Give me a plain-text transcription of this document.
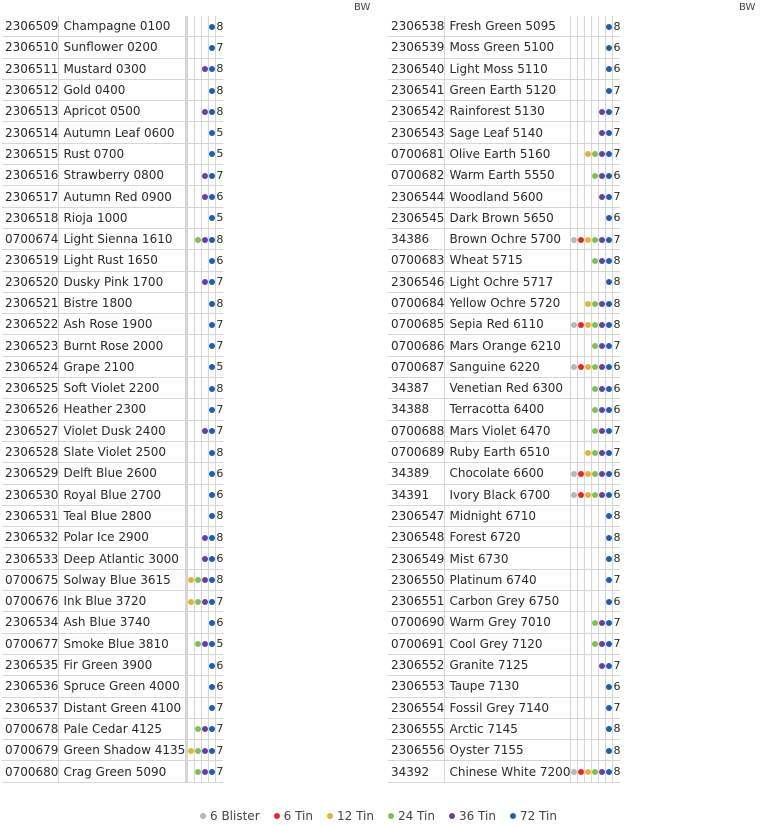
BW
	2306509	Champagne 0100							8
	2306510	Sunflower 0200							7
	2306511	Mustard 0300							8
	2306512	Gold 0400							8
	2306513	Apricot 0500							8
	2306514	Autumn Leaf 0600							5
	2306515	Rust 0700							5
	2306516	Strawberry 0800							7
	2306517	Autumn Red 0900							6
	2306518	Rioja 1000							5
	0700674	Light Sienna 1610							8
	2306519	Light Rust 1650							6
	2306520	Dusky Pink 1700							7
	2306521	Bistre 1800							8
	2306522	Ash Rose 1900							7
	2306523	Burnt Rose 2000							7
	2306524	Grape 2100							5
	2306525	Soft Violet 2200							8
	2306526	Heather 2300							7
	2306527	Violet Dusk 2400							7
	2306528	Slate Violet 2500							8
	2306529	Delft Blue 2600							6
	2306530	Royal Blue 2700							6
	2306531	Teal Blue 2800							8
	2306532	Polar Ice 2900							8
	2306533	Deep Atlantic 3000							6
	0700675	Solway Blue 3615							8
	0700676	Ink Blue 3720							7
	2306534	Ash Blue 3740							6
	0700677	Smoke Blue 3810							5
	2306535	Fir Green 3900							6
	2306536	Spruce Green 4000							6
	2306537	Distant Green 4100							7
	0700678	Pale Cedar 4125							7
	0700679	Green Shadow 4135							7
	0700680	Crag Green 5090							7
BW
	2306538	Fresh Green 5095							8
	2306539	Moss Green 5100							6
	2306540	Light Moss 5110							6
	2306541	Green Earth 5120							7
	2306542	Rainforest 5130							7
	2306543	Sage Leaf 5140							7
	0700681	Olive Earth 5160							7
	0700682	Warm Earth 5550							6
	2306544	Woodland 5600							7
	2306545	Dark Brown 5650							6
	34386	Brown Ochre 5700							7
	0700683	Wheat 5715							8
	2306546	Light Ochre 5717							8
	0700684	Yellow Ochre 5720							8
	0700685	Sepia Red 6110							8
	0700686	Mars Orange 6210							7
	0700687	Sanguine 6220							6
	34387	Venetian Red 6300							6
	34388	Terracotta 6400							6
	0700688	Mars Violet 6470							7
	0700689	Ruby Earth 6510							7
	34389	Chocolate 6600							6
	34391	Ivory Black 6700							6
	2306547	Midnight 6710							8
	2306548	Forest 6720							8
	2306549	Mist 6730							8
	2306550	Platinum 6740							7
	2306551	Carbon Grey 6750							6
	0700690	Warm Grey 7010							7
	0700691	Cool Grey 7120							7
	2306552	Granite 7125							7
	2306553	Taupe 7130							6
	2306554	Fossil Grey 7140							7
	2306555	Arctic 7145							8
	2306556	Oyster 7155							8
	34392	Chinese White 7200							8
6 Blister 6 Tin 12 Tin 24 Tin 36 Tin 72 Tin
